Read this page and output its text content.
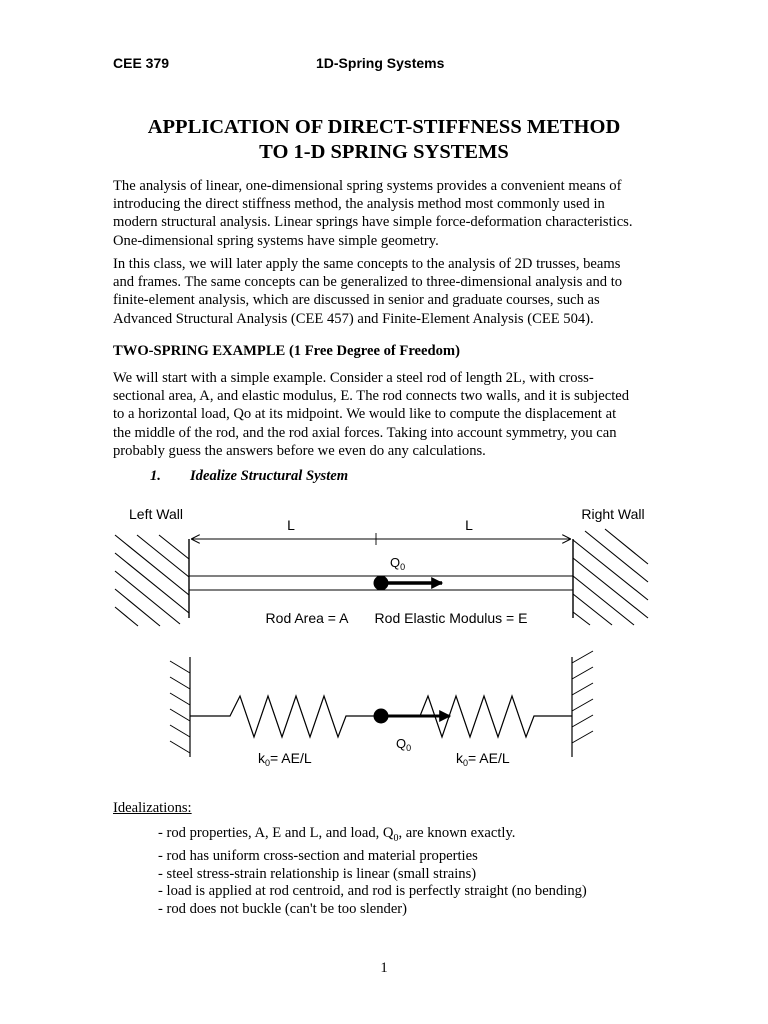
CEE 379	1D-Spring Systems
APPLICATION OF DIRECT-STIFFNESS METHOD
TO 1-D SPRING SYSTEMS
The analysis of linear, one-dimensional spring systems provides a convenient means of
introducing the direct stiffness method, the analysis method most commonly used in
modern structural analysis. Linear springs have simple force-deformation characteristics.
One-dimensional spring systems have simple geometry.
In this class, we will later apply the same concepts to the analysis of 2D trusses, beams
and frames. The same concepts can be generalized to three-dimensional analysis and to
finite-element analysis, which are discussed in senior and graduate courses, such as
Advanced Structural Analysis (CEE 457) and Finite-Element Analysis (CEE 504).
TWO-SPRING EXAMPLE (1 Free Degree of Freedom)
We will start with a simple example. Consider a steel rod of length 2L, with cross-
sectional area, A, and elastic modulus, E. The rod connects two walls, and it is subjected
to a horizontal load, Qo at its midpoint. We would like to compute the displacement at
the middle of the rod, and the rod axial forces. Taking into account symmetry, you can
probably guess the answers before we even do any calculations.
1. Idealize Structural System
Left Wall	Right Wall
L	L
$Q_0$
Rod Area = A Rod Elastic Modulus = E
$Q_0$
$k_0= AE/L$	$k_0= AE/L$
Idealizations:
- rod properties, A, E and L, and load, $Q_0$, are known exactly.
- rod has uniform cross-section and material properties
- steel stress-strain relationship is linear (small strains)
- load is applied at rod centroid, and rod is perfectly straight (no bending)
- rod does not buckle (can't be too slender)
1
